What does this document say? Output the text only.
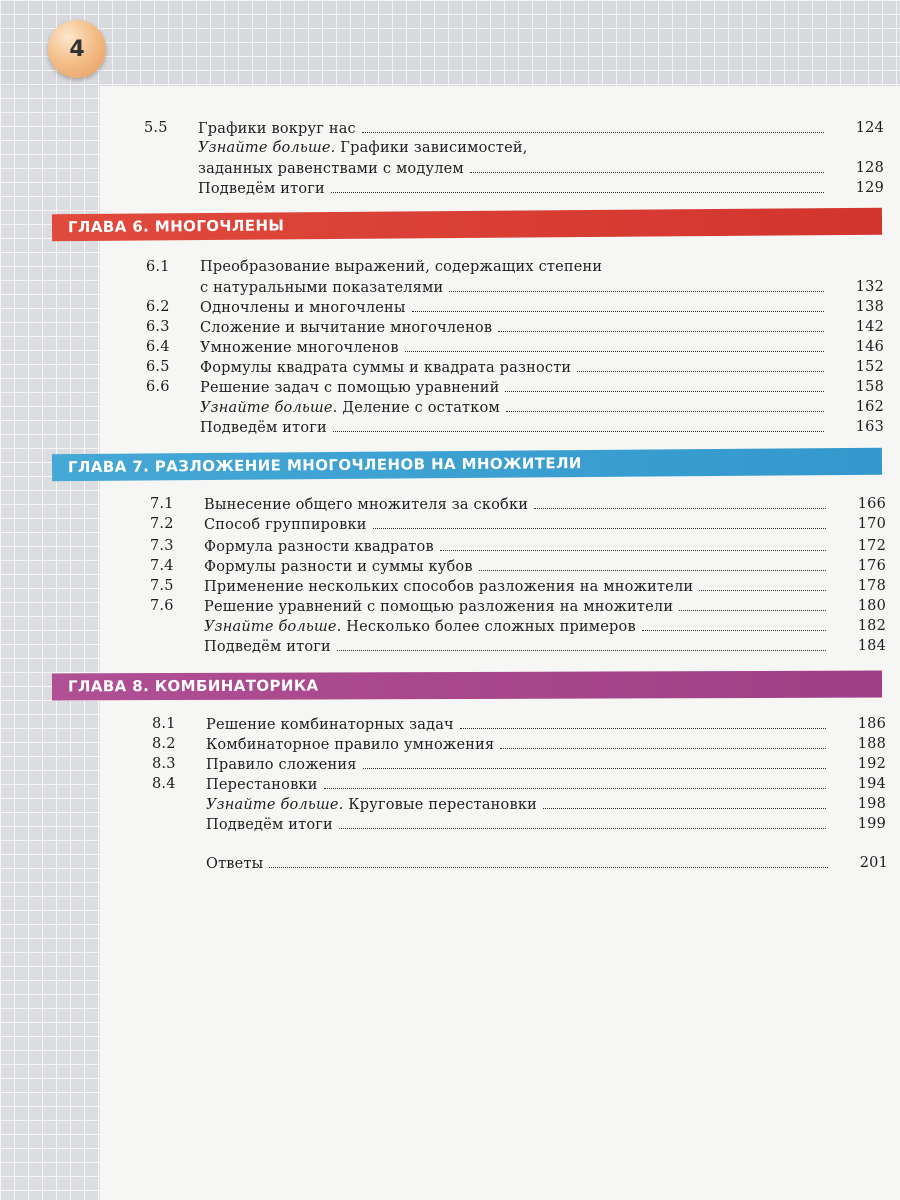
4
5.5	Графики вокруг нас	124
Узнайте больше. Графики зависимостей,
заданных равенствами с модулем	128
Подведём итоги	129
6.1	Преобразование выражений, содержащих степени
с натуральными показателями	132
6.2	Одночлены и многочлены	138
6.3	Сложение и вычитание многочленов	142
6.4	Умножение многочленов	146
6.5	Формулы квадрата суммы и квадрата разности	152
6.6	Решение задач с помощью уравнений	158
Узнайте больше. Деление с остатком	162
Подведём итоги	163
7.1	Вынесение общего множителя за скобки	166
7.2	Способ группировки	170
7.3	Формула разности квадратов	172
7.4	Формулы разности и суммы кубов	176
7.5	Применение нескольких способов разложения на множители	178
7.6	Решение уравнений с помощью разложения на множители	180
Узнайте больше. Несколько более сложных примеров	182
Подведём итоги	184
8.1	Решение комбинаторных задач	186
8.2	Комбинаторное правило умножения	188
8.3	Правило сложения	192
8.4	Перестановки	194
Узнайте больше. Круговые перестановки	198
Подведём итоги	199
Ответы	201
ГЛАВА 6. МНОГОЧЛЕНЫ
ГЛАВА 7. РАЗЛОЖЕНИЕ МНОГОЧЛЕНОВ НА МНОЖИТЕЛИ
ГЛАВА 8. КОМБИНАТОРИКА
